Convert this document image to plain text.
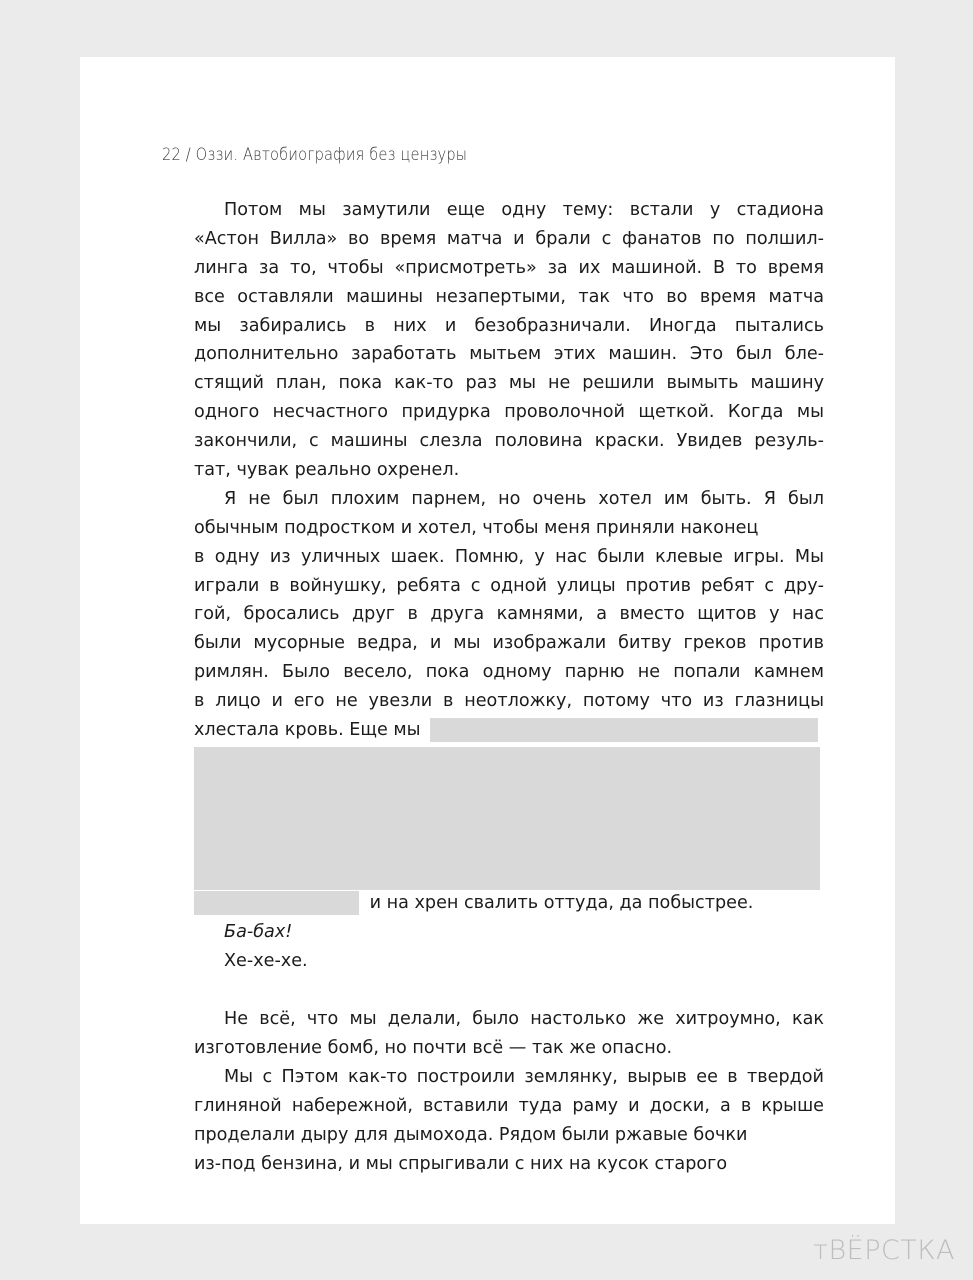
22 / Оззи. Автобиография без цензуры
Потом мы замутили еще одну тему: встали у стадиона
«Астон Вилла» во время матча и брали с фанатов по полшил-
линга за то, чтобы «присмотреть» за их машиной. В то время
все оставляли машины незапертыми, так что во время матча
мы забирались в них и безобразничали. Иногда пытались
дополнительно заработать мытьем этих машин. Это был бле-
стящий план, пока как-то раз мы не решили вымыть машину
одного несчастного придурка проволочной щеткой. Когда мы
закончили, с машины слезла половина краски. Увидев резуль-
тат, чувак реально охренел.
Я не был плохим парнем, но очень хотел им быть. Я был
обычным подростком и хотел, чтобы меня приняли наконец
в одну из уличных шаек. Помню, у нас были клевые игры. Мы
играли в войнушку, ребята с одной улицы против ребят с дру-
гой, бросались друг в друга камнями, а вместо щитов у нас
были мусорные ведра, и мы изображали битву греков против
римлян. Было весело, пока одному парню не попали камнем
в лицо и его не увезли в неотложку, потому что из глазницы
хлестала кровь. Еще мы
и на хрен свалить оттуда, да побыстрее.
Ба-бах!
Хе-хе-хе.
Не всё, что мы делали, было настолько же хитроумно, как
изготовление бомб, но почти всё — так же опасно.
Мы с Пэтом как-то построили землянку, вырыв ее в твердой
глиняной набережной, вставили туда раму и доски, а в крыше
проделали дыру для дымохода. Рядом были ржавые бочки
из-под бензина, и мы спрыгивали с них на кусок старого
тВЁРСТКА
